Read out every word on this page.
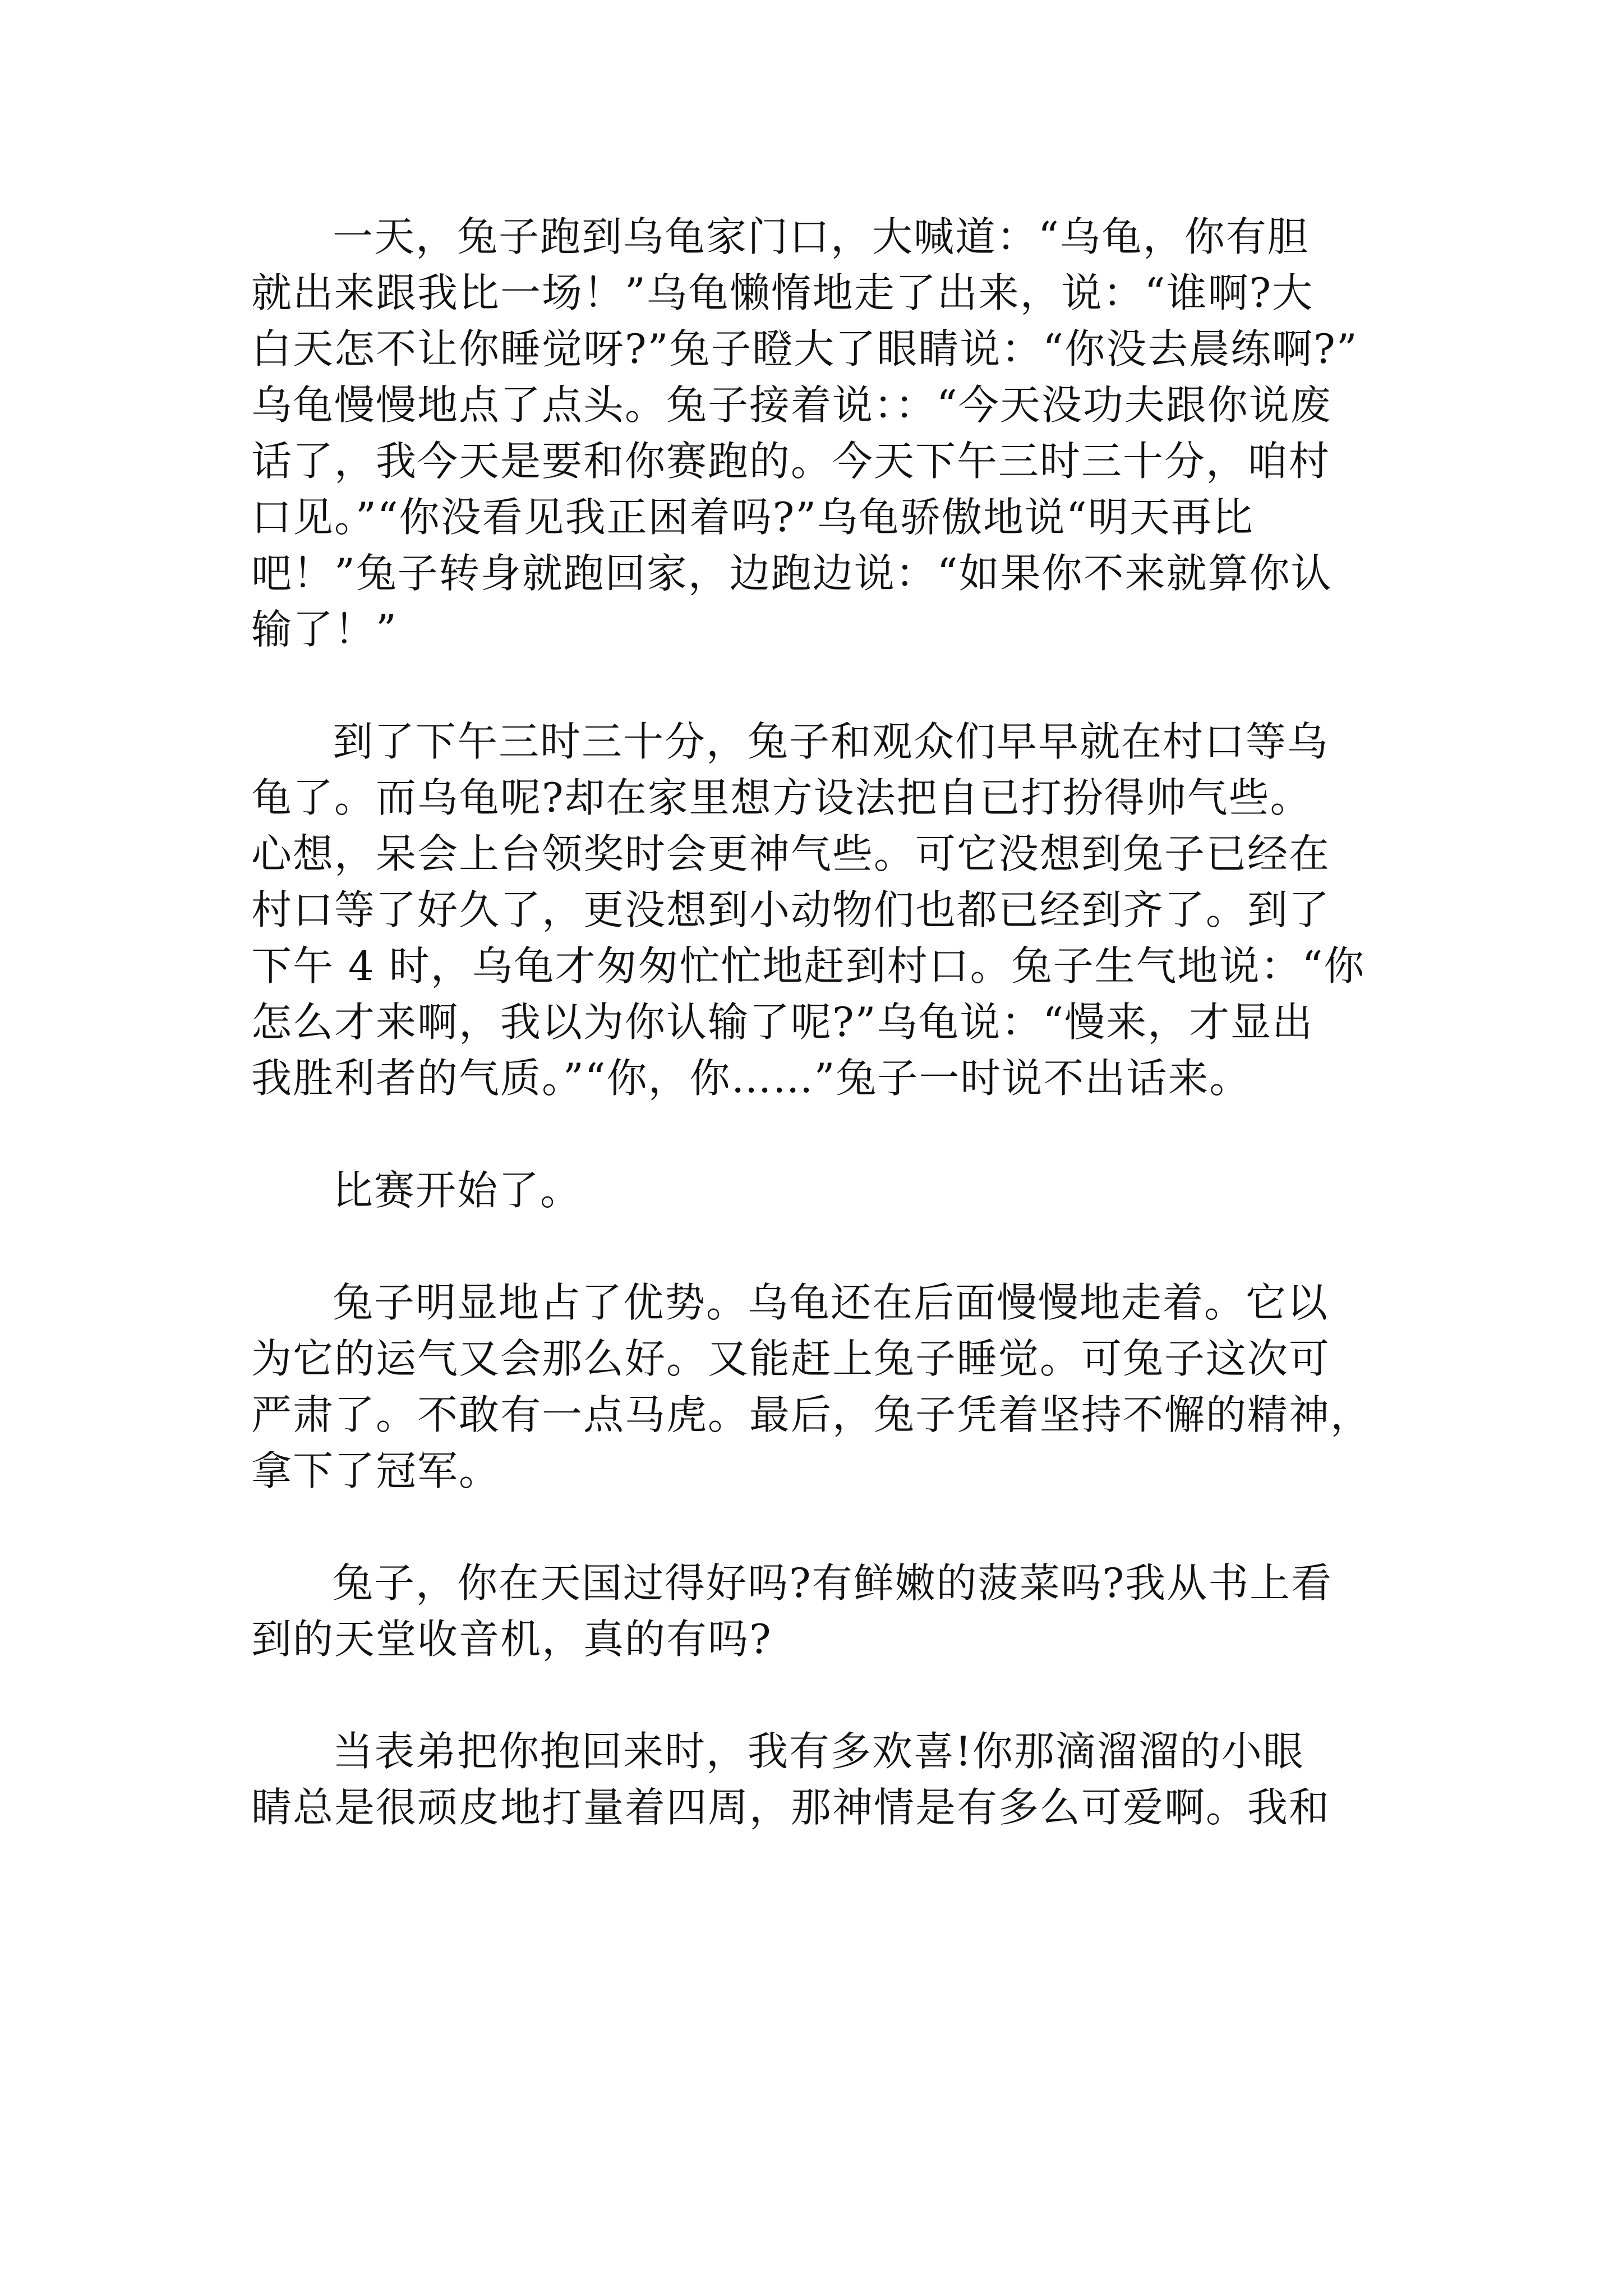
一天，兔子跑到乌龟家门口，大喊道：“乌龟，你有胆
就出来跟我比一场！”乌龟懒惰地走了出来，说：“谁啊?大
白天怎不让你睡觉呀?”兔子瞪大了眼睛说：“你没去晨练啊?”
乌龟慢慢地点了点头。兔子接着说：：“今天没功夫跟你说废
话了，我今天是要和你赛跑的。今天下午三时三十分，咱村
口见。”“你没看见我正困着吗?”乌龟骄傲地说“明天再比
吧！”兔子转身就跑回家，边跑边说：“如果你不来就算你认
输了！”
到了下午三时三十分，兔子和观众们早早就在村口等乌
龟了。而乌龟呢?却在家里想方设法把自已打扮得帅气些。
心想，呆会上台领奖时会更神气些。可它没想到兔子已经在
村口等了好久了，更没想到小动物们也都已经到齐了。到了
下午 4 时，乌龟才匆匆忙忙地赶到村口。兔子生气地说：“你
怎么才来啊，我以为你认输了呢?”乌龟说：“慢来，才显出
我胜利者的气质。”“你，你……”兔子一时说不出话来。
比赛开始了。
兔子明显地占了优势。乌龟还在后面慢慢地走着。它以
为它的运气又会那么好。又能赶上兔子睡觉。可兔子这次可
严肃了。不敢有一点马虎。最后，兔子凭着坚持不懈的精神，
拿下了冠军。
兔子，你在天国过得好吗?有鲜嫩的菠菜吗?我从书上看
到的天堂收音机，真的有吗?
当表弟把你抱回来时，我有多欢喜!你那滴溜溜的小眼
睛总是很顽皮地打量着四周，那神情是有多么可爱啊。我和
